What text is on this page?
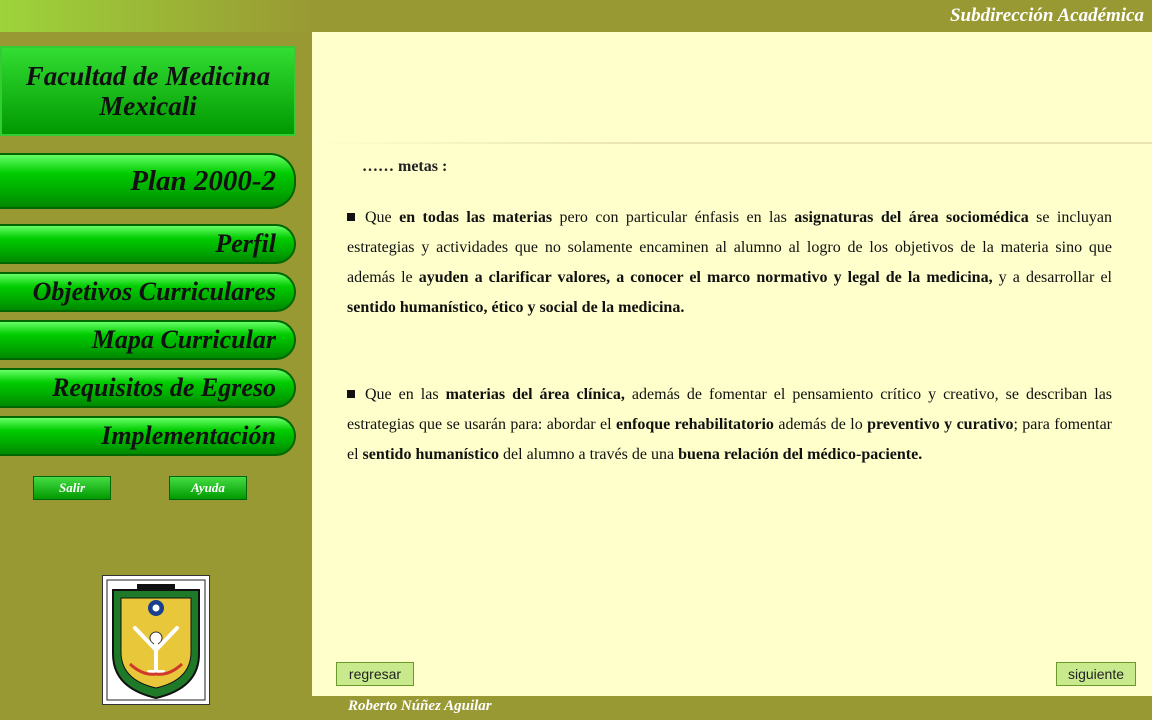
Subdirección Académica
Facultad de Medicina
Mexicali
Plan 2000-2
Perfil
Objetivos Curriculares
Mapa Curricular
Requisitos de Egreso
Implementación
Salir	Ayuda
…… metas :
Que en todas las materias pero con particular énfasis en las asignaturas del área sociomédica se incluyan estrategias y actividades que no solamente encaminen al alumno al logro de los objetivos de la materia sino que además le ayuden a clarificar valores, a conocer el marco normativo y legal de la medicina, y a desarrollar el sentido humanístico, ético y social de la medicina.
Que en las materias del área clínica, además de fomentar el pensamiento crítico y creativo, se describan las estrategias que se usarán para: abordar el enfoque rehabilitatorio además de lo preventivo y curativo; para fomentar el sentido humanístico del alumno a través de una buena relación del médico-paciente.
regresar	siguiente
Roberto Núñez Aguilar
